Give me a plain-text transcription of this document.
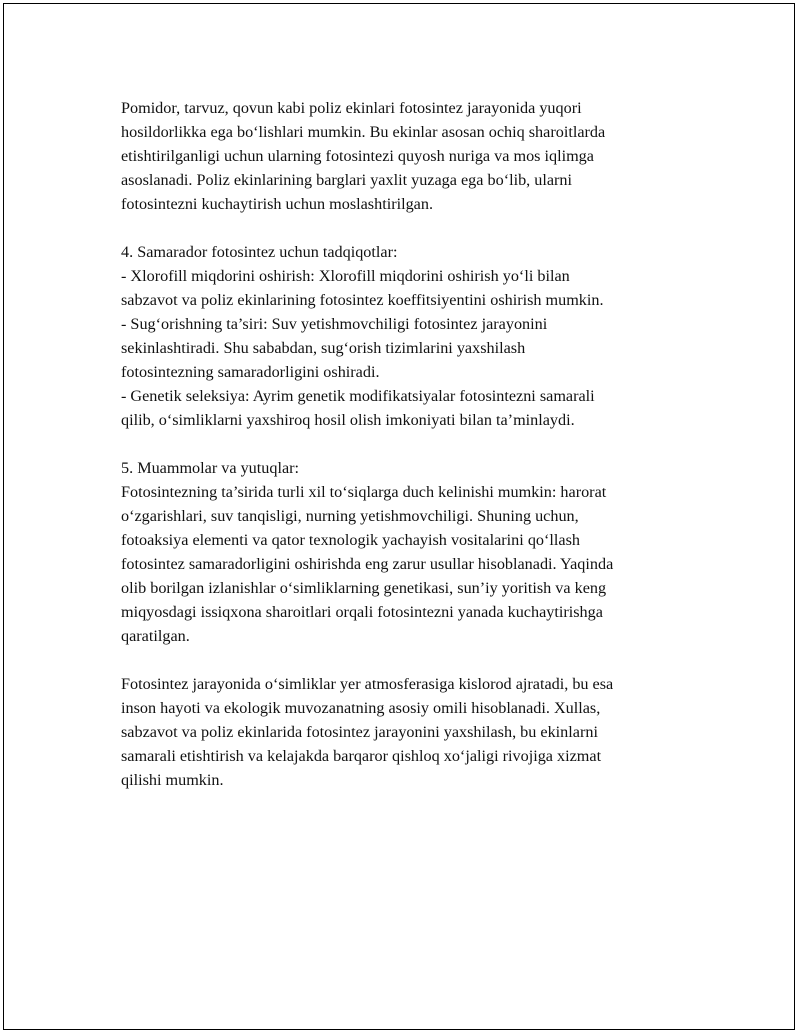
Pomidor, tarvuz, qovun kabi poliz ekinlari fotosintez jarayonida yuqori
hosildorlikka ega bo‘lishlari mumkin. Bu ekinlar asosan ochiq sharoitlarda
etishtirilganligi uchun ularning fotosintezi quyosh nuriga va mos iqlimga
asoslanadi. Poliz ekinlarining barglari yaxlit yuzaga ega bo‘lib, ularni
fotosintezni kuchaytirish uchun moslashtirilgan.
4. Samarador fotosintez uchun tadqiqotlar:
- Xlorofill miqdorini oshirish: Xlorofill miqdorini oshirish yo‘li bilan
sabzavot va poliz ekinlarining fotosintez koeffitsiyentini oshirish mumkin.
- Sug‘orishning ta’siri: Suv yetishmovchiligi fotosintez jarayonini
sekinlashtiradi. Shu sababdan, sug‘orish tizimlarini yaxshilash
fotosintezning samaradorligini oshiradi.
- Genetik seleksiya: Ayrim genetik modifikatsiyalar fotosintezni samarali
qilib, o‘simliklarni yaxshiroq hosil olish imkoniyati bilan ta’minlaydi.
5. Muammolar va yutuqlar:
Fotosintezning ta’sirida turli xil to‘siqlarga duch kelinishi mumkin: harorat
o‘zgarishlari, suv tanqisligi, nurning yetishmovchiligi. Shuning uchun,
fotoaksiya elementi va qator texnologik yachayish vositalarini qo‘llash
fotosintez samaradorligini oshirishda eng zarur usullar hisoblanadi. Yaqinda
olib borilgan izlanishlar o‘simliklarning genetikasi, sun’iy yoritish va keng
miqyosdagi issiqxona sharoitlari orqali fotosintezni yanada kuchaytirishga
qaratilgan.
Fotosintez jarayonida o‘simliklar yer atmosferasiga kislorod ajratadi, bu esa
inson hayoti va ekologik muvozanatning asosiy omili hisoblanadi. Xullas,
sabzavot va poliz ekinlarida fotosintez jarayonini yaxshilash, bu ekinlarni
samarali etishtirish va kelajakda barqaror qishloq xo‘jaligi rivojiga xizmat
qilishi mumkin.
